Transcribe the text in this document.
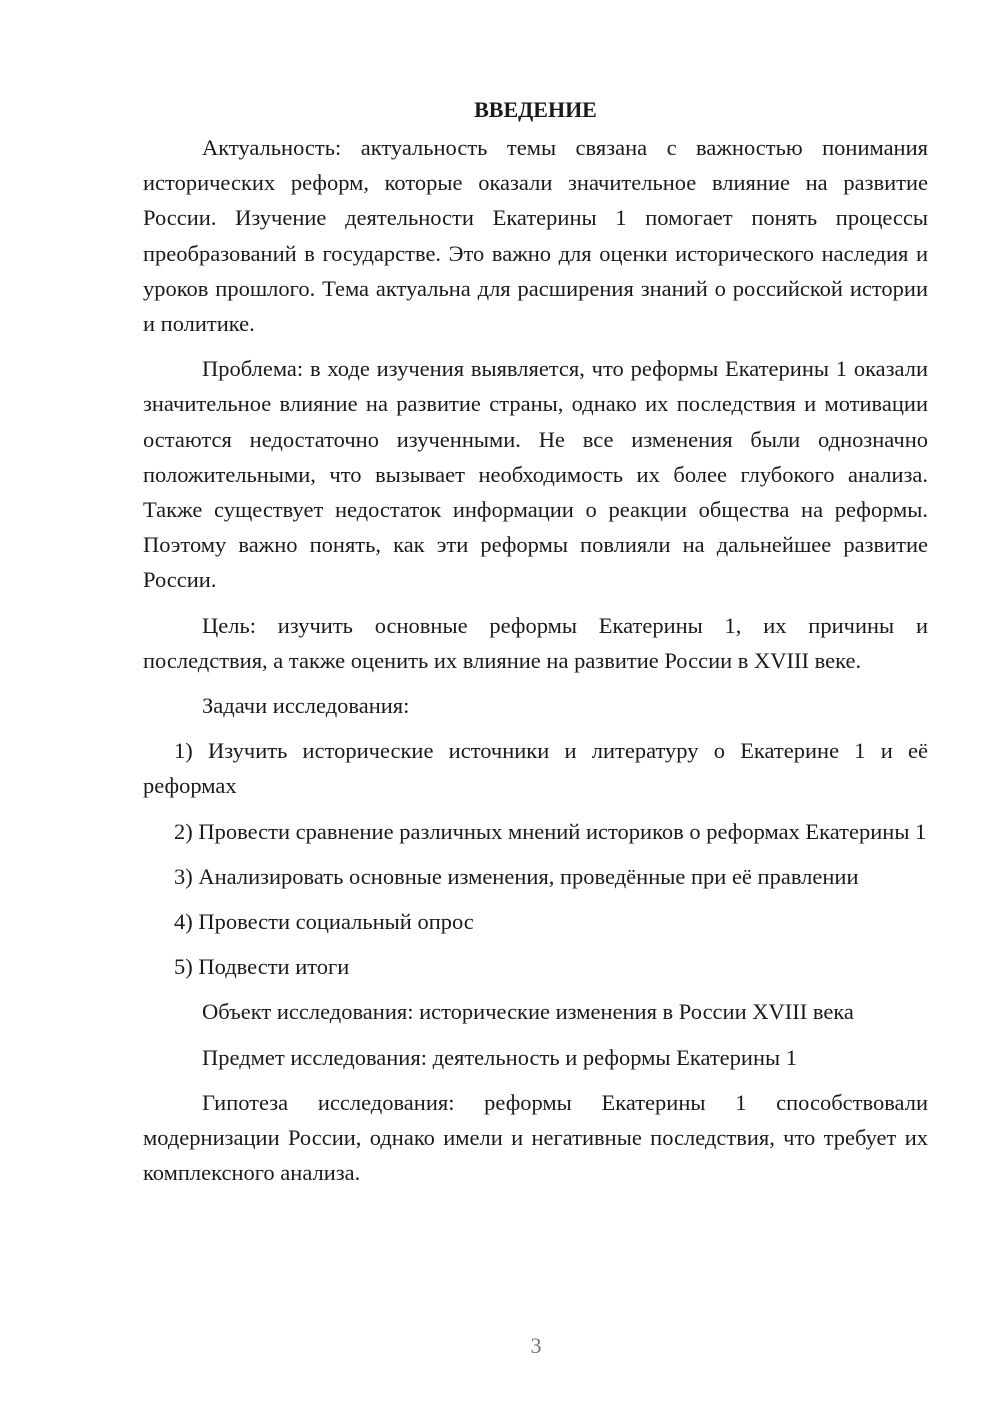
ВВЕДЕНИЕ

Актуальность: актуальность темы связана с важностью понимания исторических реформ, которые оказали значительное влияние на развитие России. Изучение деятельности Екатерины 1 помогает понять процессы преобразований в государстве. Это важно для оценки исторического наследия и уроков прошлого. Тема актуальна для расширения знаний о российской истории и политике.

Проблема: в ходе изучения выявляется, что реформы Екатерины 1 оказали значительное влияние на развитие страны, однако их последствия и мотивации остаются недостаточно изученными. Не все изменения были однозначно положительными, что вызывает необходимость их более глубокого анализа. Также существует недостаток информации о реакции общества на реформы. Поэтому важно понять, как эти реформы повлияли на дальнейшее развитие России.

Цель: изучить основные реформы Екатерины 1, их причины и последствия, а также оценить их влияние на развитие России в XVIII веке.

Задачи исследования:

1) Изучить исторические источники и литературу о Екатерине 1 и её реформах

2) Провести сравнение различных мнений историков о реформах Екатерины 1

3) Анализировать основные изменения, проведённые при её правлении

4) Провести социальный опрос

5) Подвести итоги

Объект исследования: исторические изменения в России XVIII века

Предмет исследования: деятельность и реформы Екатерины 1

Гипотеза исследования: реформы Екатерины 1 способствовали модернизации России, однако имели и негативные последствия, что требует их комплексного анализа.

3
